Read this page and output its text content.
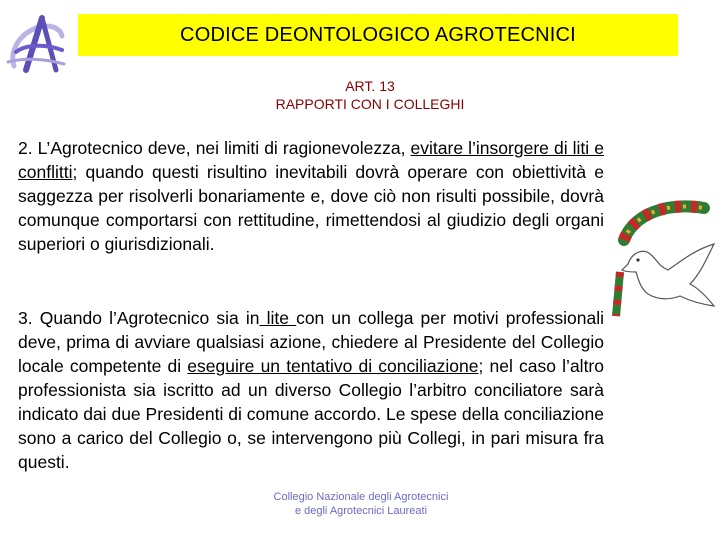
CODICE DEONTOLOGICO AGROTECNICI
ART. 13
RAPPORTI CON I COLLEGHI
2. L’Agrotecnico deve, nei limiti di ragionevolezza, evitare l’insorgere di liti e conflitti; quando questi risultino inevitabili dovrà operare con obiettività e saggezza per risolverli bonariamente e, dove ciò non risulti possibile, dovrà comunque comportarsi con rettitudine, rimettendosi al giudizio degli organi superiori o giurisdizionali.
3. Quando l’Agrotecnico sia in lite con un collega per motivi professionali deve, prima di avviare qualsiasi azione, chiedere al Presidente del Collegio locale competente di eseguire un tentativo di conciliazione; nel caso l’altro professionista sia iscritto ad un diverso Collegio l’arbitro conciliatore sarà indicato dai due Presidenti di comune accordo. Le spese della conciliazione sono a carico del Collegio o, se intervengono più Collegi, in pari misura fra questi.
Collegio Nazionale degli Agrotecnici
e degli Agrotecnici Laureati
